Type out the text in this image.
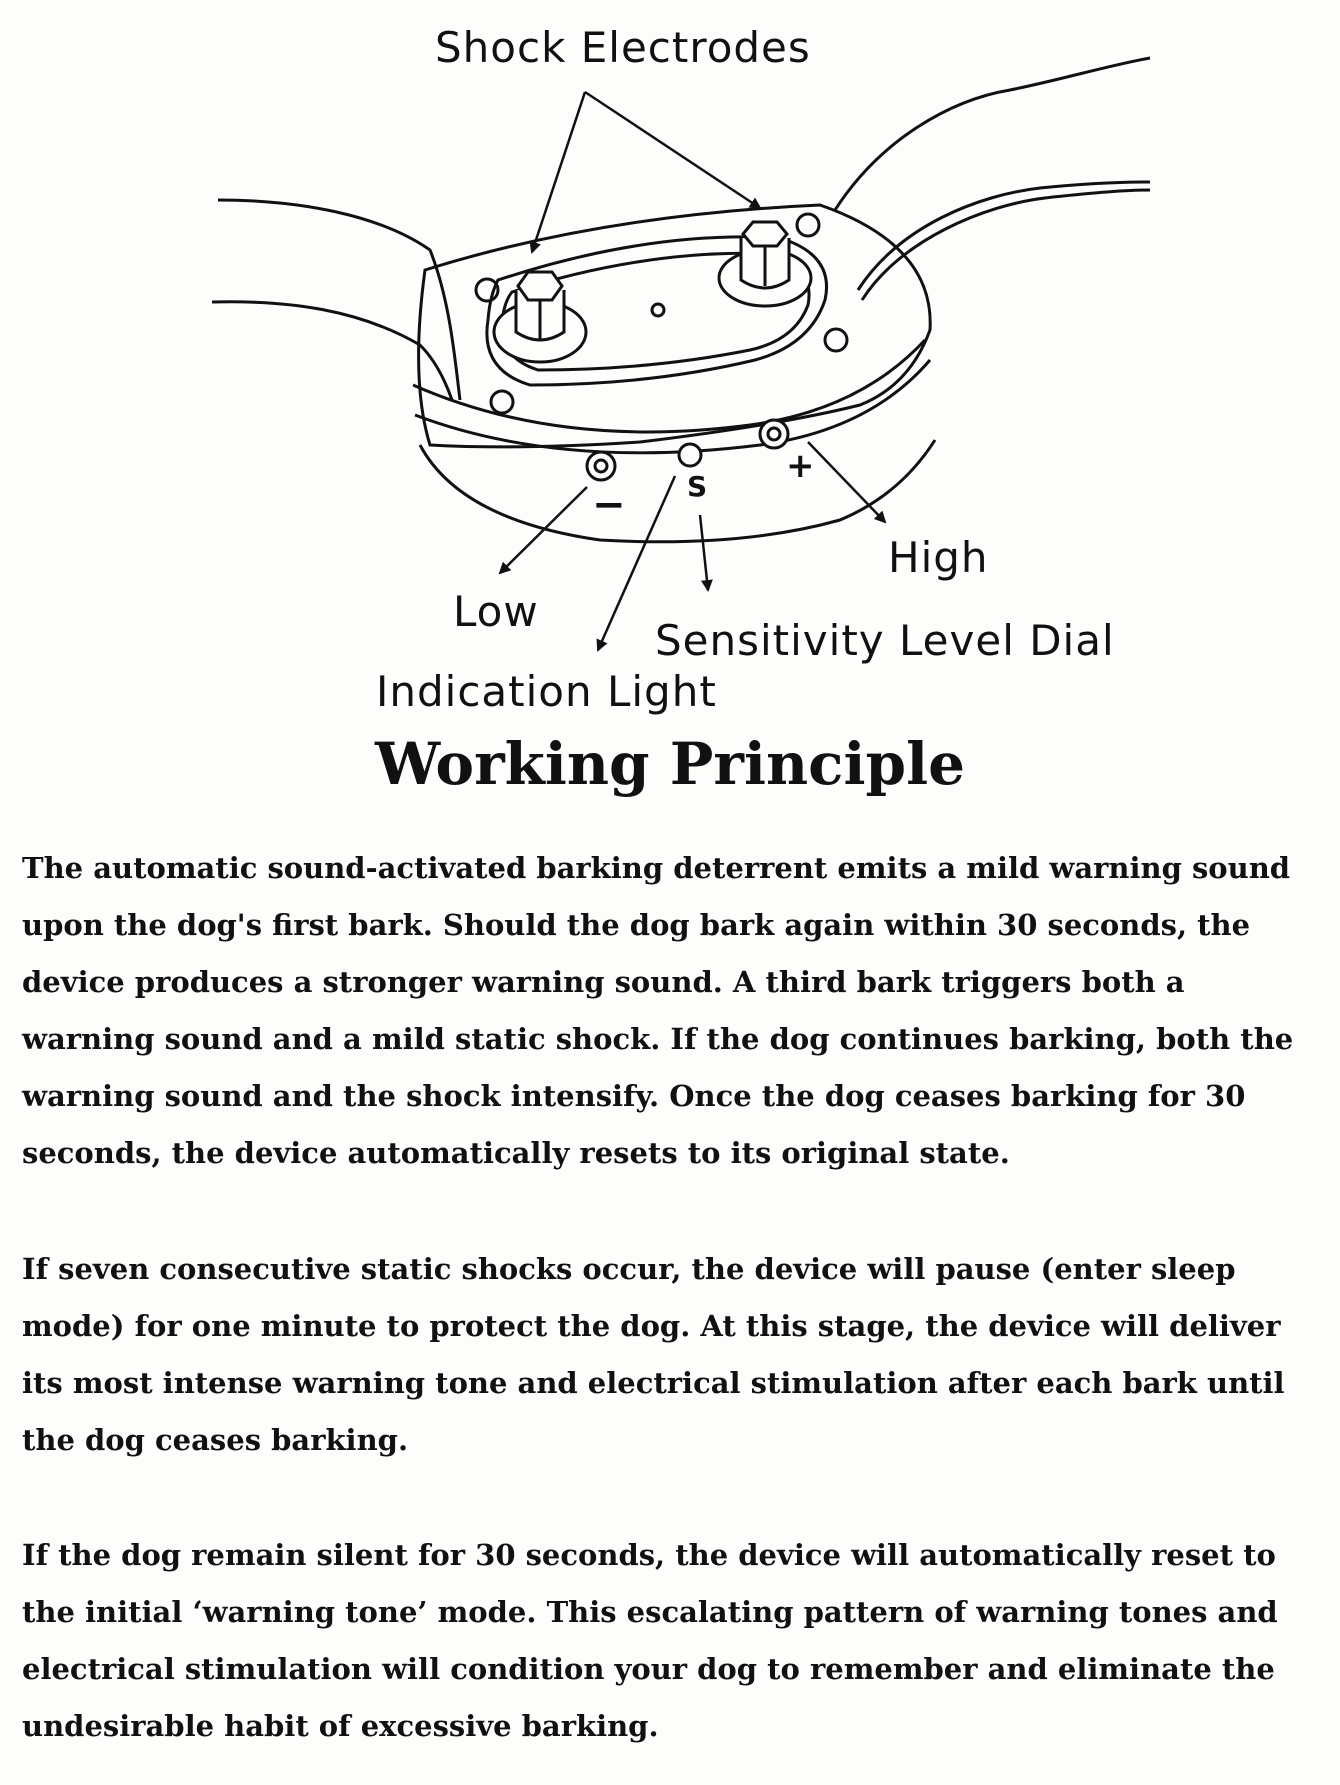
− S
+
Shock Electrodes
High
Low
Sensitivity Level Dial
Indication Light
Working Principle

The automatic sound-activated barking deterrent emits a mild warning sound upon the dog's first bark. Should the dog bark again within 30 seconds, the device produces a stronger warning sound. A third bark triggers both a warning sound and a mild static shock. If the dog continues barking, both the warning sound and the shock intensify. Once the dog ceases barking for 30 seconds, the device automatically resets to its original state.

If seven consecutive static shocks occur, the device will pause (enter sleep mode) for one minute to protect the dog. At this stage, the device will deliver its most intense warning tone and electrical stimulation after each bark until the dog ceases barking.

If the dog remain silent for 30 seconds, the device will automatically reset to the initial ‘warning tone’ mode. This escalating pattern of warning tones and electrical stimulation will condition your dog to remember and eliminate the undesirable habit of excessive barking.
